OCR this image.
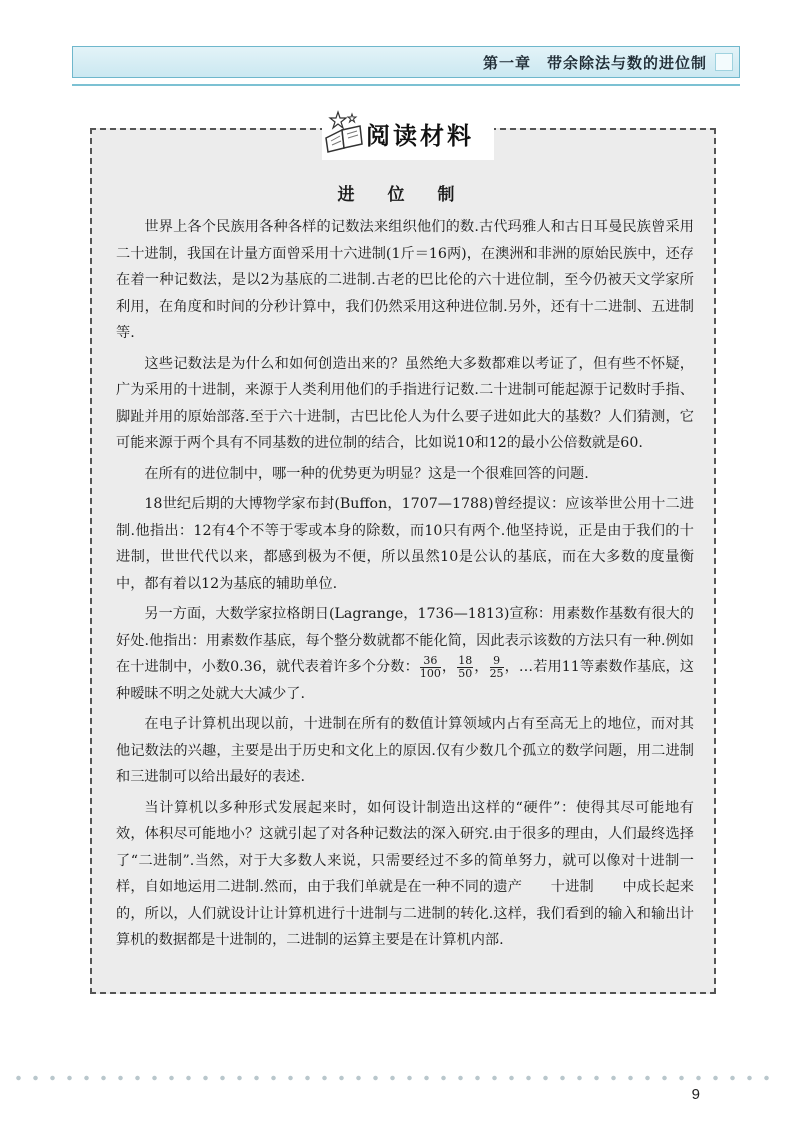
第一章　带余除法与数的进位制
阅读材料
进　位　制

世界上各个民族用各种各样的记数法来组织他们的数.古代玛雅人和古日耳曼民族曾采用二十进制，我国在计量方面曾采用十六进制(1斤＝16两)，在澳洲和非洲的原始民族中，还存在着一种记数法，是以2为基底的二进制.古老的巴比伦的六十进位制，至今仍被天文学家所利用，在角度和时间的分秒计算中，我们仍然采用这种进位制.另外，还有十二进制、五进制等.

这些记数法是为什么和如何创造出来的？虽然绝大多数都难以考证了，但有些不怀疑，广为采用的十进制，来源于人类利用他们的手指进行记数.二十进制可能起源于记数时手指、脚趾并用的原始部落.至于六十进制，古巴比伦人为什么要子进如此大的基数？人们猜测，它可能来源于两个具有不同基数的进位制的结合，比如说10和12的最小公倍数就是60.

在所有的进位制中，哪一种的优势更为明显？这是一个很难回答的问题.

18世纪后期的大博物学家布封(Buffon，1707—1788)曾经提议：应该举世公用十二进制.他指出：12有4个不等于零或本身的除数，而10只有两个.他坚持说，正是由于我们的十进制，世世代代以来，都感到极为不便，所以虽然10是公认的基底，而在大多数的度量衡中，都有着以12为基底的辅助单位.

另一方面，大数学家拉格朗日(Lagrange，1736—1813)宣称：用素数作基数有很大的好处.他指出：用素数作基底，每个整分数就都不能化简，因此表示该数的方法只有一种.例如在十进制中，小数0.36，就代表着许多个分数： $\frac{36}{100}$ ， $\frac{18}{50}$ ， $\frac{9}{25}$ ，…若用11等素数作基底，这种暧昧不明之处就大大减少了.

在电子计算机出现以前，十进制在所有的数值计算领域内占有至高无上的地位，而对其他记数法的兴趣，主要是出于历史和文化上的原因.仅有少数几个孤立的数学问题，用二进制和三进制可以给出最好的表述.

当计算机以多种形式发展起来时，如何设计制造出这样的“硬件”：使得其尽可能地有效，体积尽可能地小？这就引起了对各种记数法的深入研究.由于很多的理由，人们最终选择了“二进制”.当然，对于大多数人来说，只需要经过不多的简单努力，就可以像对十进制一样，自如地运用二进制.然而，由于我们单就是在一种不同的遗产　　十进制　　中成长起来的，所以，人们就设计让计算机进行十进制与二进制的转化.这样，我们看到的输入和输出计算机的数据都是十进制的，二进制的运算主要是在计算机内部.

9
